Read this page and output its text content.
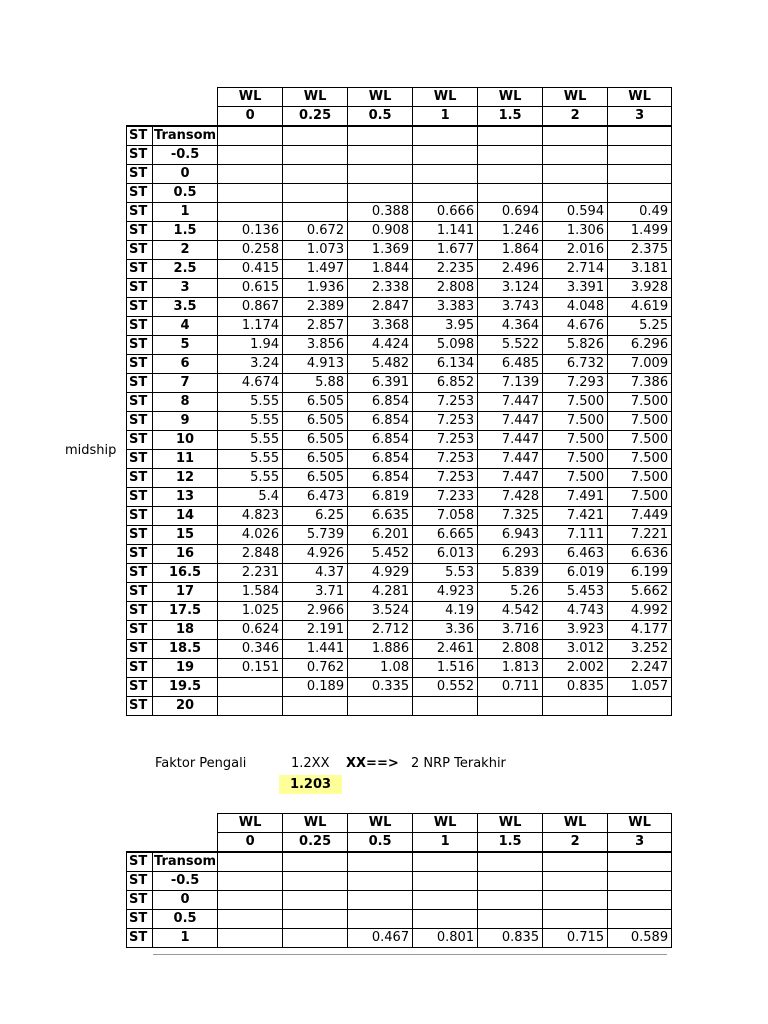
		WL	WL	WL	WL	WL	WL	WL
		0	0.25	0.5	1	1.5	2	3
ST	Transom							
ST	-0.5							
ST	0							
ST	0.5							
ST	1			0.388	0.666	0.694	0.594	0.49
ST	1.5	0.136	0.672	0.908	1.141	1.246	1.306	1.499
ST	2	0.258	1.073	1.369	1.677	1.864	2.016	2.375
ST	2.5	0.415	1.497	1.844	2.235	2.496	2.714	3.181
ST	3	0.615	1.936	2.338	2.808	3.124	3.391	3.928
ST	3.5	0.867	2.389	2.847	3.383	3.743	4.048	4.619
ST	4	1.174	2.857	3.368	3.95	4.364	4.676	5.25
ST	5	1.94	3.856	4.424	5.098	5.522	5.826	6.296
ST	6	3.24	4.913	5.482	6.134	6.485	6.732	7.009
ST	7	4.674	5.88	6.391	6.852	7.139	7.293	7.386
ST	8	5.55	6.505	6.854	7.253	7.447	7.500	7.500
ST	9	5.55	6.505	6.854	7.253	7.447	7.500	7.500
ST	10	5.55	6.505	6.854	7.253	7.447	7.500	7.500
ST	11	5.55	6.505	6.854	7.253	7.447	7.500	7.500
ST	12	5.55	6.505	6.854	7.253	7.447	7.500	7.500
ST	13	5.4	6.473	6.819	7.233	7.428	7.491	7.500
ST	14	4.823	6.25	6.635	7.058	7.325	7.421	7.449
ST	15	4.026	5.739	6.201	6.665	6.943	7.111	7.221
ST	16	2.848	4.926	5.452	6.013	6.293	6.463	6.636
ST	16.5	2.231	4.37	4.929	5.53	5.839	6.019	6.199
ST	17	1.584	3.71	4.281	4.923	5.26	5.453	5.662
ST	17.5	1.025	2.966	3.524	4.19	4.542	4.743	4.992
ST	18	0.624	2.191	2.712	3.36	3.716	3.923	4.177
ST	18.5	0.346	1.441	1.886	2.461	2.808	3.012	3.252
ST	19	0.151	0.762	1.08	1.516	1.813	2.002	2.247
ST	19.5		0.189	0.335	0.552	0.711	0.835	1.057
ST	20							
midship
Faktor Pengali	1.2XX XX==> 2 NRP Terakhir
1.203
		WL	WL	WL	WL	WL	WL	WL
		0	0.25	0.5	1	1.5	2	3
ST	Transom							
ST	-0.5							
ST	0							
ST	0.5							
ST	1			0.467	0.801	0.835	0.715	0.589
